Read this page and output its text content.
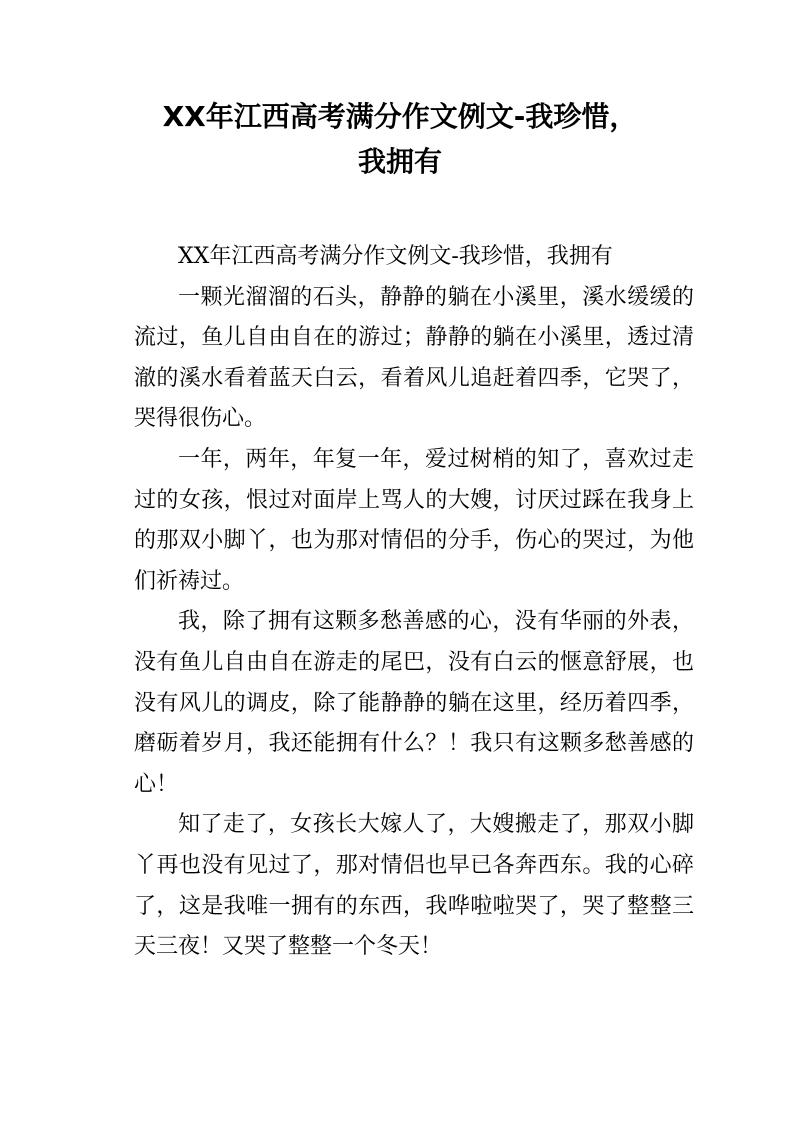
XX年江西高考满分作文例文-我珍惜，
我拥有

XX年江西高考满分作文例文-我珍惜，我拥有

一颗光溜溜的石头，静静的躺在小溪里，溪水缓缓的流过，鱼儿自由自在的游过；静静的躺在小溪里，透过清澈的溪水看着蓝天白云，看着风儿追赶着四季，它哭了，哭得很伤心。

一年，两年，年复一年，爱过树梢的知了，喜欢过走过的女孩，恨过对面岸上骂人的大嫂，讨厌过踩在我身上的那双小脚丫，也为那对情侣的分手，伤心的哭过，为他们祈祷过。

我，除了拥有这颗多愁善感的心，没有华丽的外表，没有鱼儿自由自在游走的尾巴，没有白云的惬意舒展，也没有风儿的调皮，除了能静静的躺在这里，经历着四季，磨砺着岁月，我还能拥有什么？！我只有这颗多愁善感的心！

知了走了，女孩长大嫁人了，大嫂搬走了，那双小脚丫再也没有见过了，那对情侣也早已各奔西东。我的心碎了，这是我唯一拥有的东西，我哗啦啦哭了，哭了整整三天三夜！又哭了整整一个冬天！
